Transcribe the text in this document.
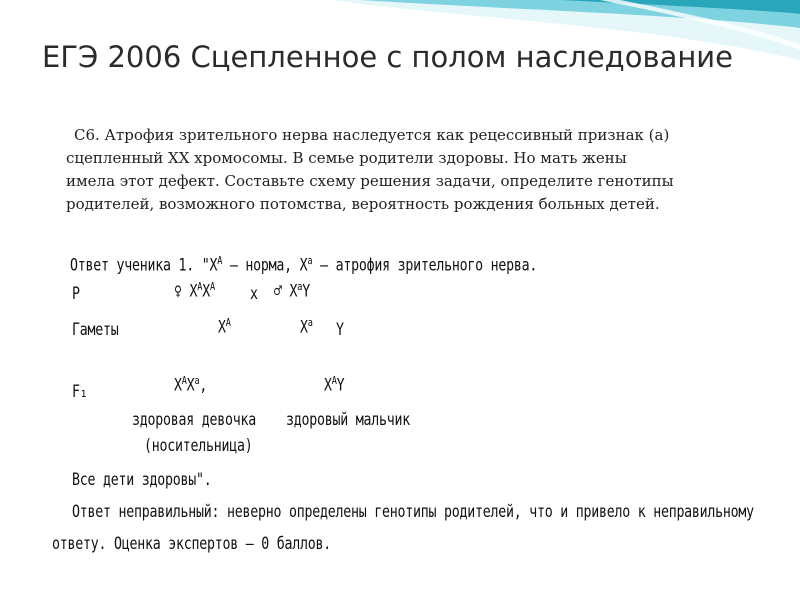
ЕГЭ 2006 Сцепленное с полом наследование
С6. Атрофия зрительного нерва наследуется как рецессивный признак (а)
сцепленный XX хромосомы. В семье родители здоровы. Но мать жены
имела этот дефект. Составьте схему решения задачи, определите генотипы
родителей, возможного потомства, вероятность рождения больных детей.
Ответ ученика 1. "$X^A$ — норма, $X^a$ — атрофия зрительного нерва.
P	♀ $X^AX^A$ x ♂ $X^aY$
Гаметы	$X^A$	$X^a$ Y
F₁	$X^AX^a$,	$X^AY$
здоровая девочка
(носительница)
здоровый мальчик
Все дети здоровы".
Ответ неправильный: неверно определены генотипы родителей, что и привело к неправильному
ответу. Оценка экспертов — 0 баллов.
